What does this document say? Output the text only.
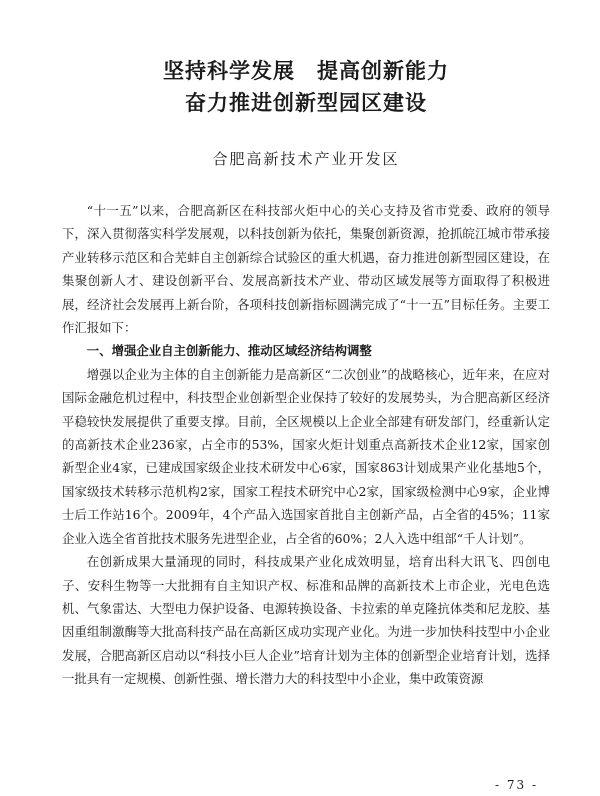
坚持科学发展　提高创新能力
奋力推进创新型园区建设
合肥高新技术产业开发区

“十一五”以来，合肥高新区在科技部火炬中心的关心支持及省市党委、政府的领导下，深入贯彻落实科学发展观，以科技创新为依托，集聚创新资源，抢抓皖江城市带承接产业转移示范区和合芜蚌自主创新综合试验区的重大机遇，奋力推进创新型园区建设，在集聚创新人才、建设创新平台、发展高新技术产业、带动区域发展等方面取得了积极进展，经济社会发展再上新台阶，各项科技创新指标圆满完成了“十一五”目标任务。主要工作汇报如下：

一、增强企业自主创新能力、推动区域经济结构调整

增强以企业为主体的自主创新能力是高新区“二次创业”的战略核心，近年来，在应对国际金融危机过程中，科技型企业创新型企业保持了较好的发展势头，为合肥高新区经济平稳较快发展提供了重要支撑。目前，全区规模以上企业全部建有研发部门，经重新认定的高新技术企业236家，占全市的53%，国家火炬计划重点高新技术企业12家，国家创新型企业4家，已建成国家级企业技术研发中心6家，国家863计划成果产业化基地5个，国家级技术转移示范机构2家，国家工程技术研究中心2家，国家级检测中心9家，企业博士后工作站16个。2009年，4个产品入选国家首批自主创新产品，占全省的45%；11家企业入选全省首批技术服务先进型企业，占全省的60%；2人入选中组部“千人计划”。

在创新成果大量涌现的同时，科技成果产业化成效明显，培育出科大讯飞、四创电子、安科生物等一大批拥有自主知识产权、标准和品牌的高新技术上市企业，光电色选机、气象雷达、大型电力保护设备、电源转换设备、卡拉索的单克隆抗体类和尼龙胶、基因重组制激酶等大批高科技产品在高新区成功实现产业化。为进一步加快科技型中小企业发展，合肥高新区启动以“科技小巨人企业”培育计划为主体的创新型企业培育计划，选择一批具有一定规模、创新性强、增长潜力大的科技型中小企业，集中政策资源

- 73 -
